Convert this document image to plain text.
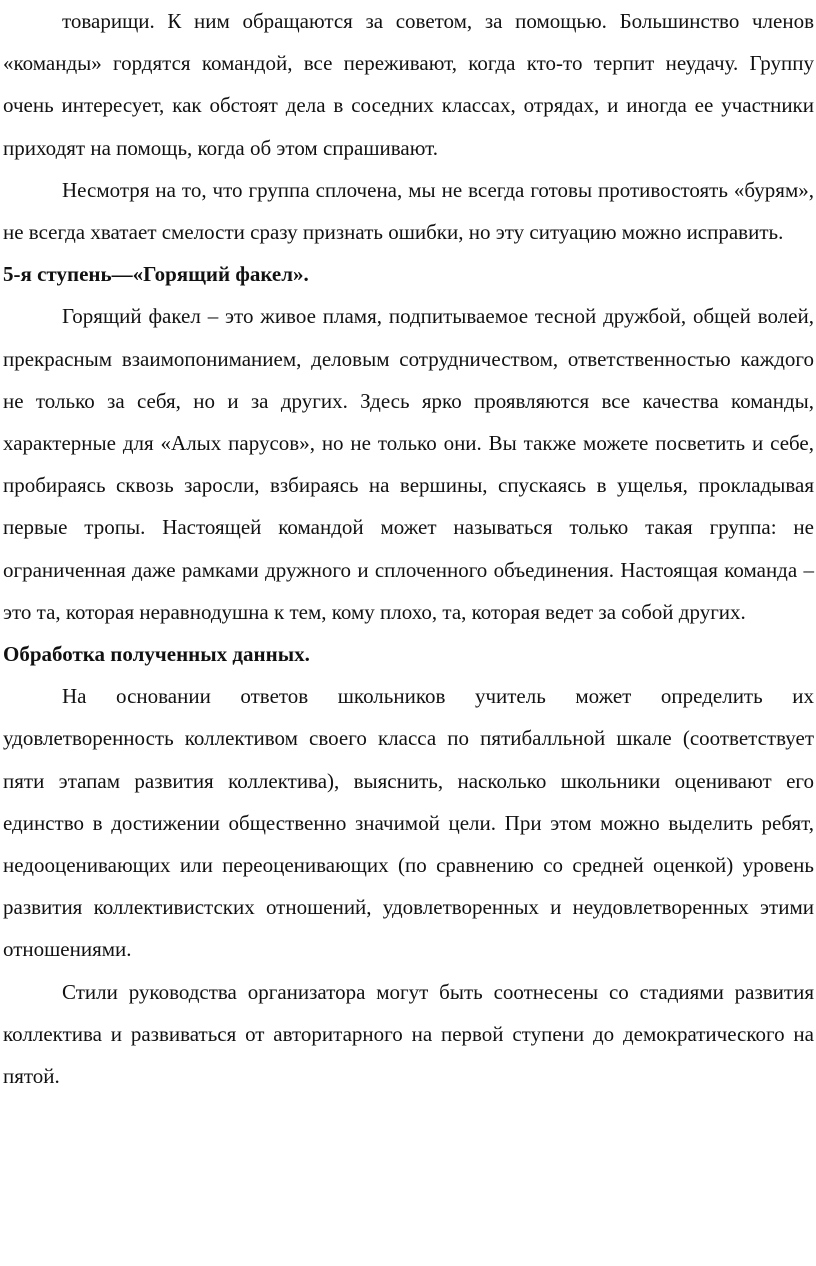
товарищи. К ним обращаются за советом, за помощью. Большинство членов «команды» гордятся командой, все переживают, когда кто-то терпит неудачу. Группу очень интересует, как обстоят дела в соседних классах, отрядах, и иногда ее участники приходят на помощь, когда об этом спрашивают.

Несмотря на то, что группа сплочена, мы не всегда готовы противостоять «бурям», не всегда хватает смелости сразу признать ошибки, но эту ситуацию можно исправить.

5-я ступень—«Горящий факел».

Горящий факел – это живое пламя, подпитываемое тесной дружбой, общей волей, прекрасным взаимопониманием, деловым сотрудничеством, ответственностью каждого не только за себя, но и за других. Здесь ярко проявляются все качества команды, характерные для «Алых парусов», но не только они. Вы также можете посветить и себе, пробираясь сквозь заросли, взбираясь на вершины, спускаясь в ущелья, прокладывая первые тропы. Настоящей командой может называться только такая группа: не ограниченная даже рамками дружного и сплоченного объединения. Настоящая команда – это та, которая неравнодушна к тем, кому плохо, та, которая ведет за собой других.

Обработка полученных данных.

На основании ответов школьников учитель может определить их удовлетворенность коллективом своего класса по пятибалльной шкале (соответствует пяти этапам развития коллектива), выяснить, насколько школьники оценивают его единство в достижении общественно значимой цели. При этом можно выделить ребят, недооценивающих или переоценивающих (по сравнению со средней оценкой) уровень развития коллективистских отношений, удовлетворенных и неудовлетворенных этими отношениями.

Стили руководства организатора могут быть соотнесены со стадиями развития коллектива и развиваться от авторитарного на первой ступени до демократического на пятой.
